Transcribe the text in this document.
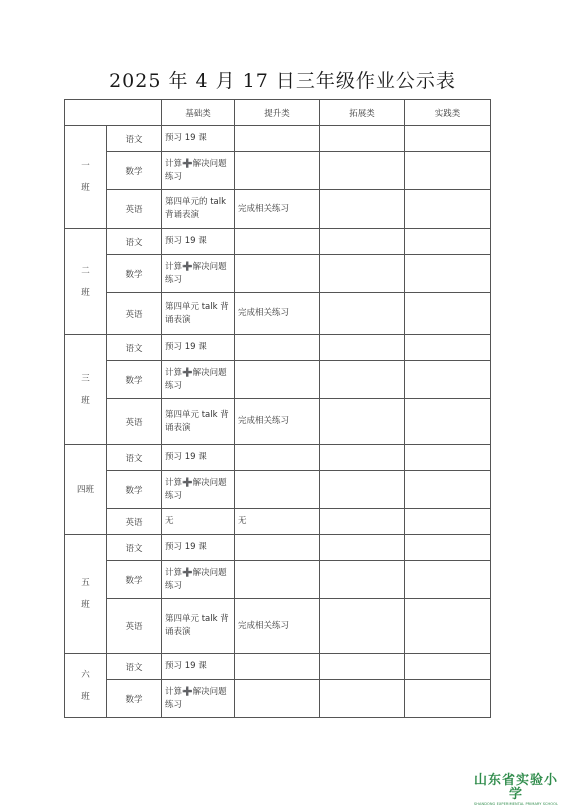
2025 年 4 月 17 日三年级作业公示表
		基础类	提升类	拓展类	实践类
一
班	语文	预习 19 课			
	数学	计算➕解决问题练习			
	英语	第四单元的 talk 背诵表演	完成相关练习		
二
班	语文	预习 19 课			
	数学	计算➕解决问题练习			
	英语	第四单元 talk 背诵表演	完成相关练习		
三
班	语文	预习 19 课			
	数学	计算➕解决问题练习			
	英语	第四单元 talk 背诵表演	完成相关练习		
四班	语文	预习 19 课			
	数学	计算➕解决问题练习			
	英语	无	无		
五
班	语文	预习 19 课			
	数学	计算➕解决问题练习			
	英语	第四单元 talk 背诵表演	完成相关练习		
六
班	语文	预习 19 课			
	数学	计算➕解决问题练习			
山东省实验小学
SHANDONG EXPERIMENTAL PRIMARY SCHOOL
